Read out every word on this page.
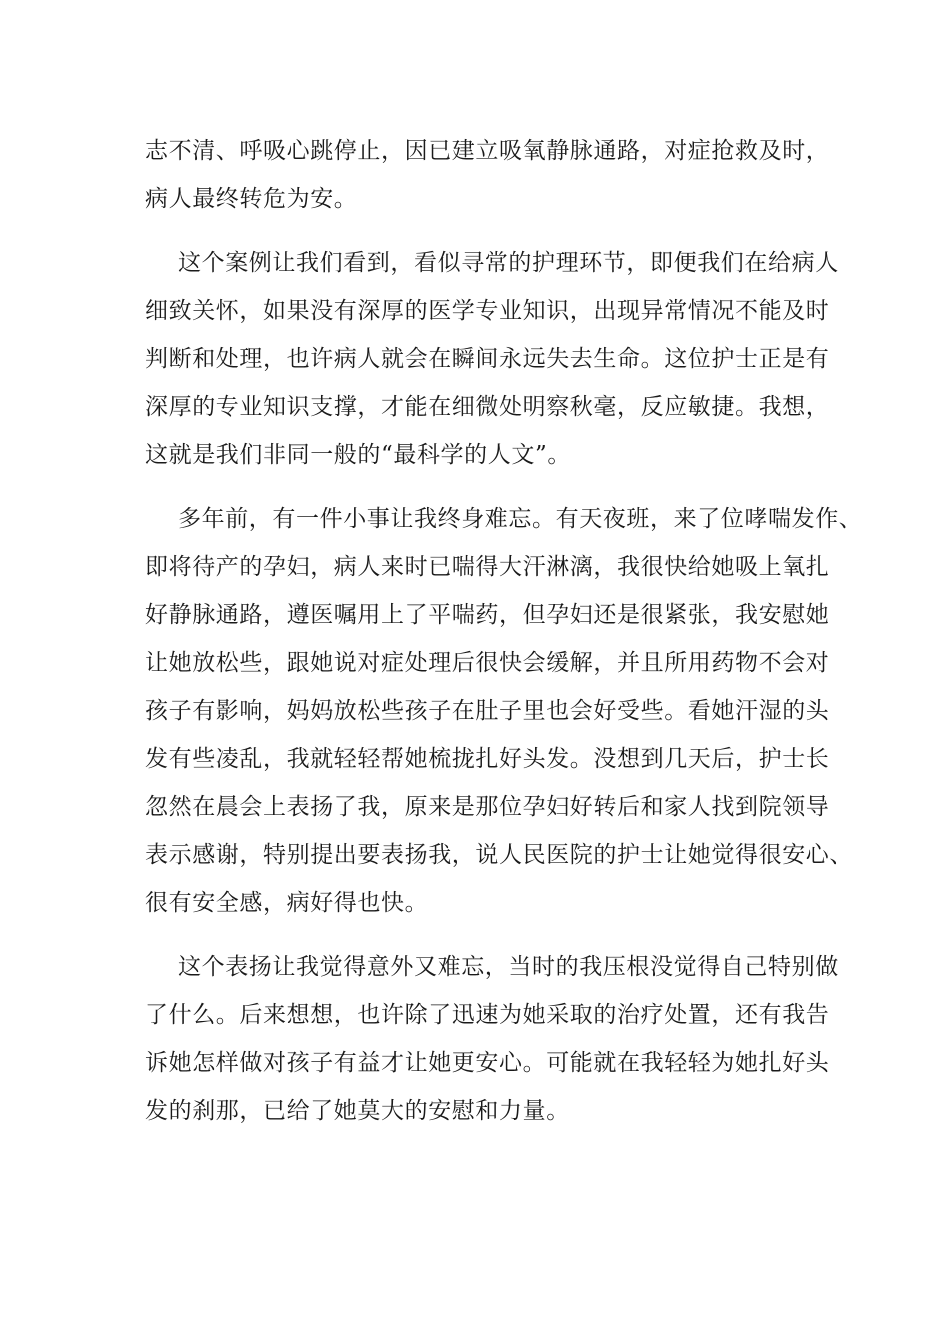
志不清、呼吸心跳停止，因已建立吸氧静脉通路，对症抢救及时，
病人最终转危为安。
这个案例让我们看到，看似寻常的护理环节，即便我们在给病人
细致关怀，如果没有深厚的医学专业知识，出现异常情况不能及时
判断和处理，也许病人就会在瞬间永远失去生命。这位护士正是有
深厚的专业知识支撑，才能在细微处明察秋毫，反应敏捷。我想，
这就是我们非同一般的“最科学的人文”。
多年前，有一件小事让我终身难忘。有天夜班，来了位哮喘发作、
即将待产的孕妇，病人来时已喘得大汗淋漓，我很快给她吸上氧扎
好静脉通路，遵医嘱用上了平喘药，但孕妇还是很紧张，我安慰她
让她放松些，跟她说对症处理后很快会缓解，并且所用药物不会对
孩子有影响，妈妈放松些孩子在肚子里也会好受些。看她汗湿的头
发有些凌乱，我就轻轻帮她梳拢扎好头发。没想到几天后，护士长
忽然在晨会上表扬了我，原来是那位孕妇好转后和家人找到院领导
表示感谢，特别提出要表扬我，说人民医院的护士让她觉得很安心、
很有安全感，病好得也快。
这个表扬让我觉得意外又难忘，当时的我压根没觉得自己特别做
了什么。后来想想，也许除了迅速为她采取的治疗处置，还有我告
诉她怎样做对孩子有益才让她更安心。可能就在我轻轻为她扎好头
发的刹那，已给了她莫大的安慰和力量。
